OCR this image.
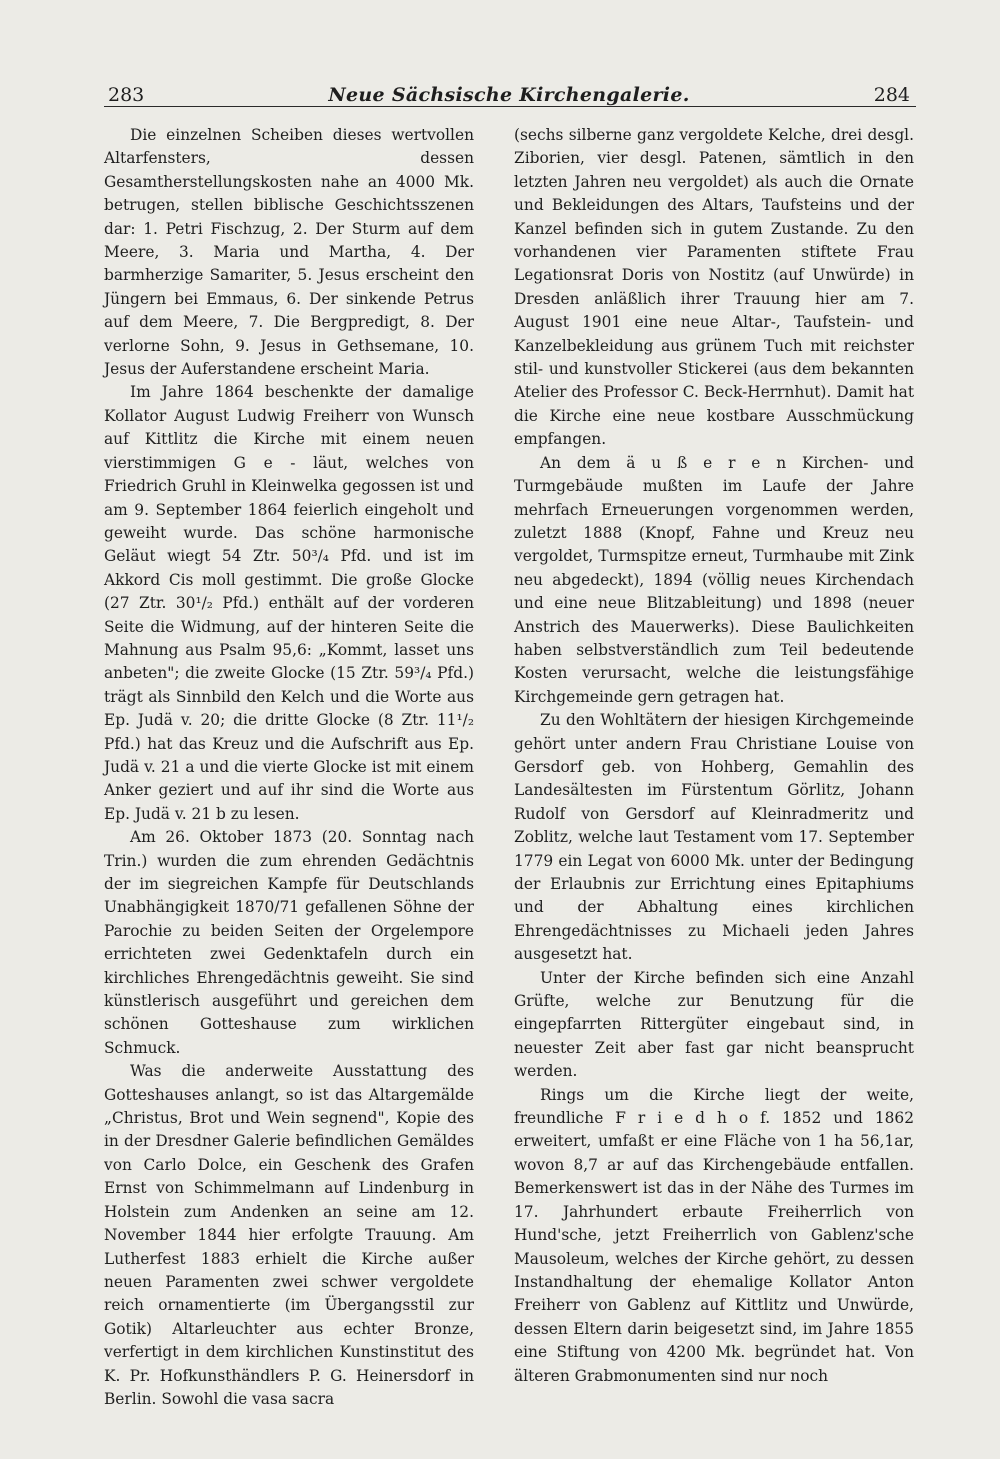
283	Neue Sächsische Kirchengalerie.	284

Die einzelnen Scheiben dieses wertvollen Altarfensters, dessen Gesamtherstellungskosten nahe an 4000 Mk. betrugen, stellen biblische Geschichtsszenen dar: 1. Petri Fischzug, 2. Der Sturm auf dem Meere, 3. Maria und Martha, 4. Der barmherzige Samariter, 5. Jesus erscheint den Jüngern bei Emmaus, 6. Der sinkende Petrus auf dem Meere, 7. Die Bergpredigt, 8. Der verlorne Sohn, 9. Jesus in Gethsemane, 10. Jesus der Auferstandene erscheint Maria.

Im Jahre 1864 beschenkte der damalige Kollator August Ludwig Freiherr von Wunsch auf Kittlitz die Kirche mit einem neuen vierstimmigen G e - läut, welches von Friedrich Gruhl in Kleinwelka gegossen ist und am 9. September 1864 feierlich eingeholt und geweiht wurde. Das schöne harmonische Geläut wiegt 54 Ztr. 50³/₄ Pfd. und ist im Akkord Cis moll gestimmt. Die große Glocke (27 Ztr. 30¹/₂ Pfd.) enthält auf der vorderen Seite die Widmung, auf der hinteren Seite die Mahnung aus Psalm 95,6: „Kommt, lasset uns anbeten"; die zweite Glocke (15 Ztr. 59³/₄ Pfd.) trägt als Sinnbild den Kelch und die Worte aus Ep. Judä v. 20; die dritte Glocke (8 Ztr. 11¹/₂ Pfd.) hat das Kreuz und die Aufschrift aus Ep. Judä v. 21 a und die vierte Glocke ist mit einem Anker geziert und auf ihr sind die Worte aus Ep. Judä v. 21 b zu lesen.

Am 26. Oktober 1873 (20. Sonntag nach Trin.) wurden die zum ehrenden Gedächtnis der im siegreichen Kampfe für Deutschlands Unabhängigkeit 1870/71 gefallenen Söhne der Parochie zu beiden Seiten der Orgelempore errichteten zwei Gedenktafeln durch ein kirchliches Ehrengedächtnis geweiht. Sie sind künstlerisch ausgeführt und gereichen dem schönen Gotteshause zum wirklichen Schmuck.

Was die anderweite Ausstattung des Gotteshauses anlangt, so ist das Altargemälde „Christus, Brot und Wein segnend", Kopie des in der Dresdner Galerie befindlichen Gemäldes von Carlo Dolce, ein Geschenk des Grafen Ernst von Schimmelmann auf Lindenburg in Holstein zum Andenken an seine am 12. November 1844 hier erfolgte Trauung. Am Lutherfest 1883 erhielt die Kirche außer neuen Paramenten zwei schwer vergoldete reich ornamentierte (im Übergangsstil zur Gotik) Altarleuchter aus echter Bronze, verfertigt in dem kirchlichen Kunstinstitut des K. Pr. Hofkunsthändlers P. G. Heinersdorf in Berlin. Sowohl die vasa sacra

(sechs silberne ganz vergoldete Kelche, drei desgl. Ziborien, vier desgl. Patenen, sämtlich in den letzten Jahren neu vergoldet) als auch die Ornate und Bekleidungen des Altars, Taufsteins und der Kanzel befinden sich in gutem Zustande. Zu den vorhandenen vier Paramenten stiftete Frau Legationsrat Doris von Nostitz (auf Unwürde) in Dresden anläßlich ihrer Trauung hier am 7. August 1901 eine neue Altar-, Taufstein- und Kanzelbekleidung aus grünem Tuch mit reichster stil- und kunstvoller Stickerei (aus dem bekannten Atelier des Professor C. Beck-Herrnhut). Damit hat die Kirche eine neue kostbare Ausschmückung empfangen.

An dem ä u ß e r e n Kirchen- und Turmgebäude mußten im Laufe der Jahre mehrfach Erneuerungen vorgenommen werden, zuletzt 1888 (Knopf, Fahne und Kreuz neu vergoldet, Turmspitze erneut, Turmhaube mit Zink neu abgedeckt), 1894 (völlig neues Kirchendach und eine neue Blitzableitung) und 1898 (neuer Anstrich des Mauerwerks). Diese Baulichkeiten haben selbstverständlich zum Teil bedeutende Kosten verursacht, welche die leistungsfähige Kirchgemeinde gern getragen hat.

Zu den Wohltätern der hiesigen Kirchgemeinde gehört unter andern Frau Christiane Louise von Gersdorf geb. von Hohberg, Gemahlin des Landesältesten im Fürstentum Görlitz, Johann Rudolf von Gersdorf auf Kleinradmeritz und Zoblitz, welche laut Testament vom 17. September 1779 ein Legat von 6000 Mk. unter der Bedingung der Erlaubnis zur Errichtung eines Epitaphiums und der Abhaltung eines kirchlichen Ehrengedächtnisses zu Michaeli jeden Jahres ausgesetzt hat.

Unter der Kirche befinden sich eine Anzahl Grüfte, welche zur Benutzung für die eingepfarrten Rittergüter eingebaut sind, in neuester Zeit aber fast gar nicht beansprucht werden.

Rings um die Kirche liegt der weite, freundliche F r i e d h o f. 1852 und 1862 erweitert, umfaßt er eine Fläche von 1 ha 56,1ar, wovon 8,7 ar auf das Kirchengebäude entfallen. Bemerkenswert ist das in der Nähe des Turmes im 17. Jahrhundert erbaute Freiherrlich von Hund'sche, jetzt Freiherrlich von Gablenz'sche Mausoleum, welches der Kirche gehört, zu dessen Instandhaltung der ehemalige Kollator Anton Freiherr von Gablenz auf Kittlitz und Unwürde, dessen Eltern darin beigesetzt sind, im Jahre 1855 eine Stiftung von 4200 Mk. begründet hat. Von älteren Grabmonumenten sind nur noch
